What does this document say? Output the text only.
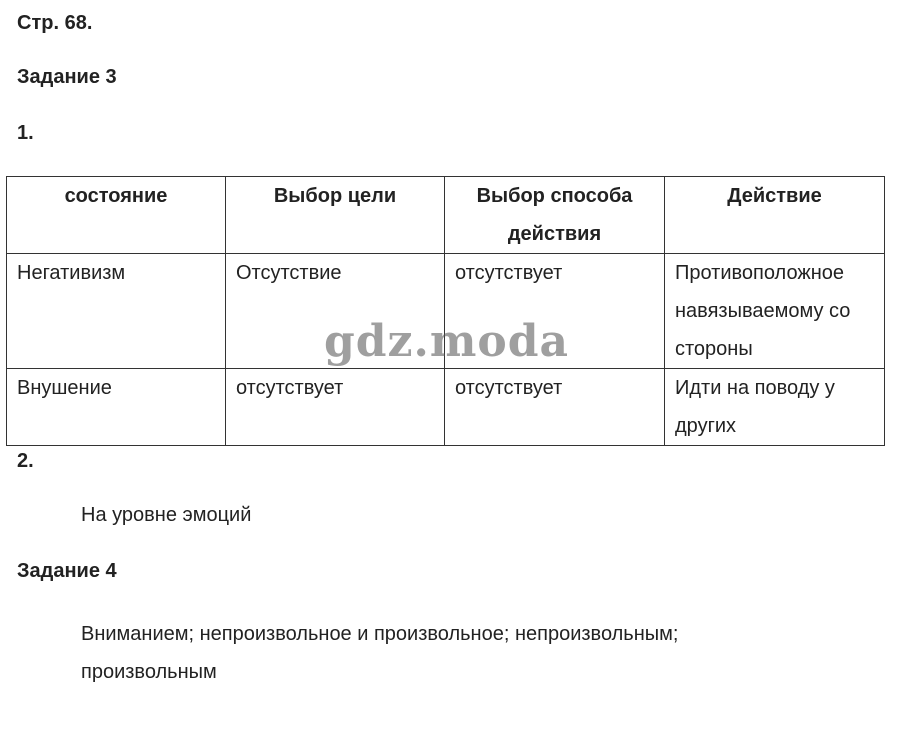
Стр. 68.
Задание 3
1.
состояние	Выбор цели	Выбор способа действия	Действие
Негативизм	Отсутствие	отсутствует	Противоположное навязываемому со стороны
Внушение	отсутствует	отсутствует	Идти на поводу у других
2.
На уровне эмоций
Задание 4
Вниманием; непроизвольное и произвольное; непроизвольным; произвольным
gdz.moda
